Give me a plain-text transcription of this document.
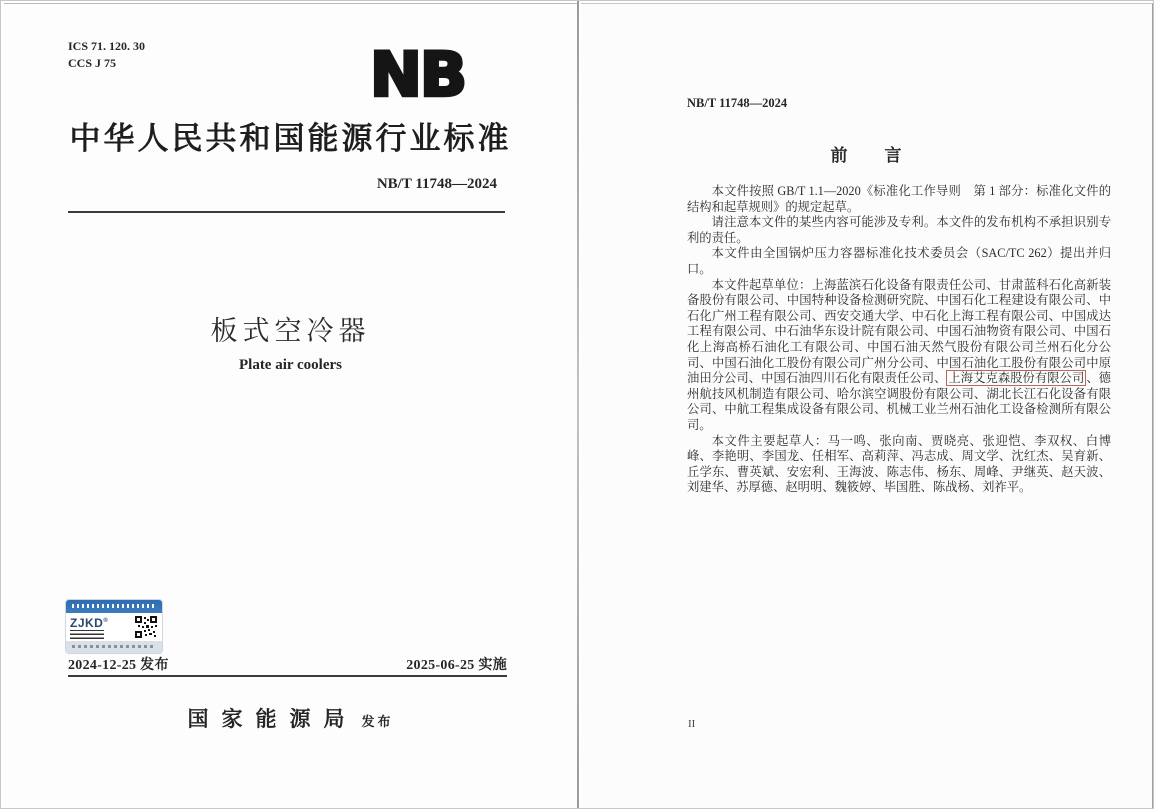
ICS 71. 120. 30
CCS J 75	NB
中华人民共和国能源行业标准
NB/T 11748—2024
板式空冷器
Plate air coolers
ZJKD®
2024-12-25 发布	2025-06-25 实施
国家能源局 发布
NB/T 11748—2024
前　　言

本文件按照 GB/T 1.1—2020《标准化工作导则　第 1 部分：标准化文件的结构和起草规则》的规定起草。

请注意本文件的某些内容可能涉及专利。本文件的发布机构不承担识别专利的责任。

本文件由全国锅炉压力容器标准化技术委员会（SAC/TC 262）提出并归口。

本文件起草单位：上海蓝滨石化设备有限责任公司、甘肃蓝科石化高新装备股份有限公司、中国特种设备检测研究院、中国石化工程建设有限公司、中石化广州工程有限公司、西安交通大学、中石化上海工程有限公司、中国成达工程有限公司、中石油华东设计院有限公司、中国石油物资有限公司、中国石化上海高桥石油化工有限公司、中国石油天然气股份有限公司兰州石化分公司、中国石油化工股份有限公司广州分公司、中国石油化工股份有限公司中原油田分公司、中国石油四川石化有限责任公司、 上海艾克森股份有限公司 、德州航技风机制造有限公司、哈尔滨空调股份有限公司、湖北长江石化设备有限公司、中航工程集成设备有限公司、机械工业兰州石油化工设备检测所有限公司。

本文件主要起草人：马一鸣、张向南、贾晓亮、张迎恺、李双权、白博峰、李艳明、李国龙、任相军、高莉萍、冯志成、周文学、沈红杰、吴育新、丘学东、曹英斌、安宏利、王海波、陈志伟、杨东、周峰、尹继英、赵天波、刘建华、苏厚德、赵明明、魏筱婷、毕国胜、陈战杨、刘祚平。

II
